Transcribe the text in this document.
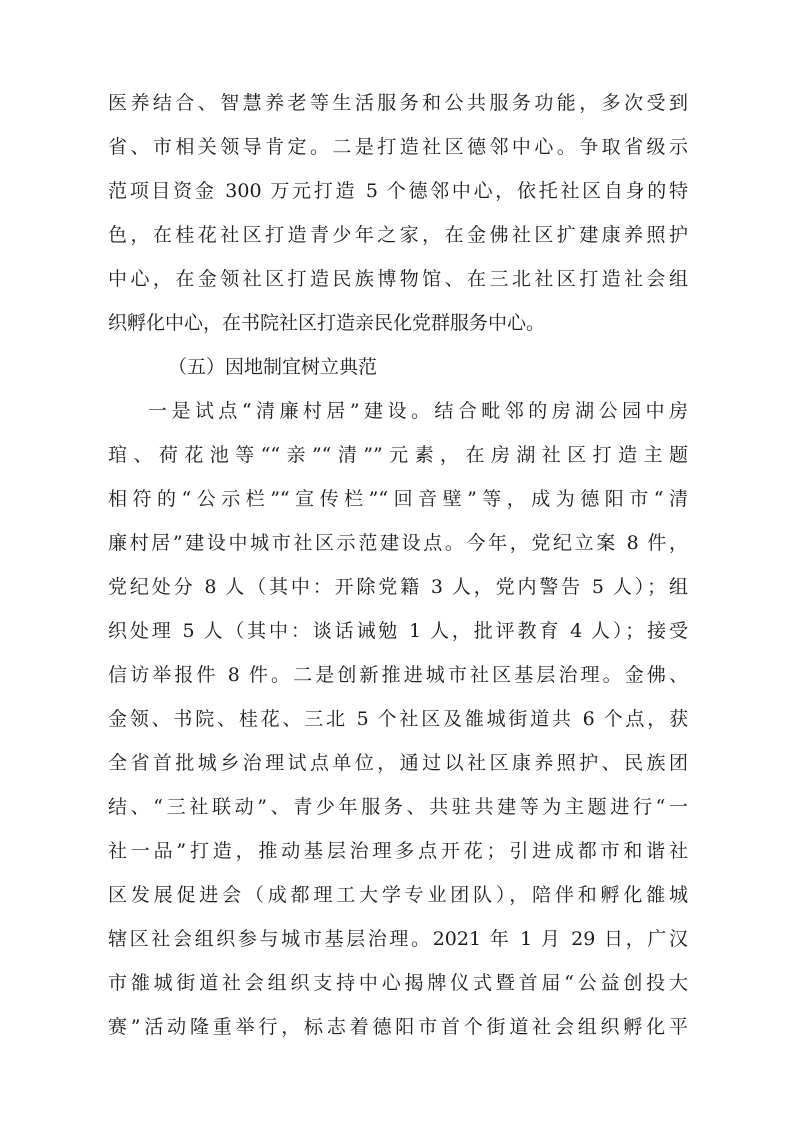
医养结合、智慧养老等生活服务和公共服务功能，多次受到
省、市相关领导肯定。二是打造社区德邻中心。争取省级示
范项目资金 300 万元打造 5 个德邻中心，依托社区自身的特
色，在桂花社区打造青少年之家，在金佛社区扩建康养照护
中心，在金领社区打造民族博物馆、在三北社区打造社会组
织孵化中心，在书院社区打造亲民化党群服务中心。
（五）因地制宜树立典范
一是试点“清廉村居”建设。结合毗邻的房湖公园中房
琯、荷花池等““亲”“清””元素，在房湖社区打造主题
相符的“公示栏”“宣传栏”“回音壁”等，成为德阳市“清
廉村居”建设中城市社区示范建设点。今年，党纪立案 8 件，
党纪处分 8 人（其中：开除党籍 3 人，党内警告 5 人）；组
织处理 5 人（其中：谈话诫勉 1 人，批评教育 4 人）；接受
信访举报件 8 件。二是创新推进城市社区基层治理。金佛、
金领、书院、桂花、三北 5 个社区及雒城街道共 6 个点，获
全省首批城乡治理试点单位，通过以社区康养照护、民族团
结、“三社联动”、青少年服务、共驻共建等为主题进行“一
社一品”打造，推动基层治理多点开花；引进成都市和谐社
区发展促进会（成都理工大学专业团队），陪伴和孵化雒城
辖区社会组织参与城市基层治理。2021 年 1 月 29 日，广汉
市雒城街道社会组织支持中心揭牌仪式暨首届“公益创投大
赛”活动隆重举行，标志着德阳市首个街道社会组织孵化平
